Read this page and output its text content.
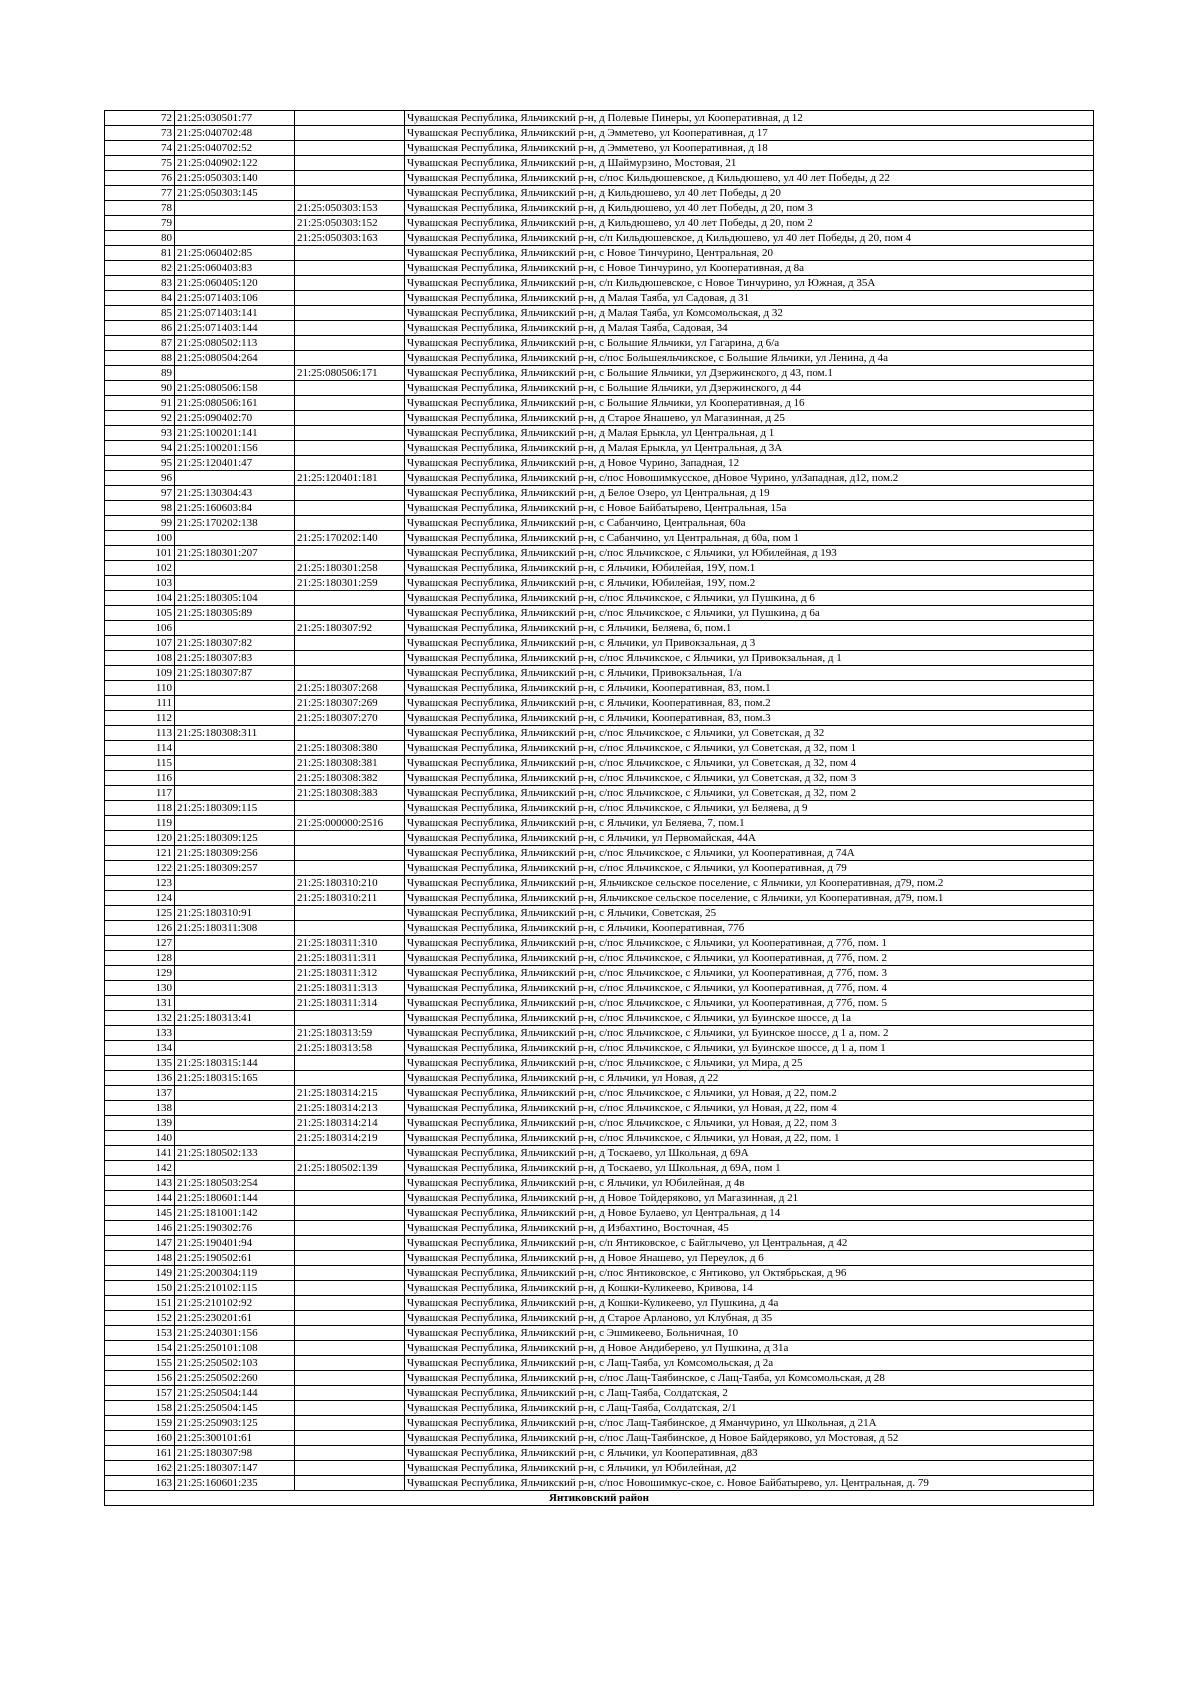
72	21:25:030501:77		Чувашская Республика, Яльчикский р-н, д Полевые Пинеры, ул Кооперативная, д 12
73	21:25:040702:48		Чувашская Республика, Яльчикский р-н, д Эмметево, ул Кооперативная, д 17
74	21:25:040702:52		Чувашская Республика, Яльчикский р-н, д Эмметево, ул Кооперативная, д 18
75	21:25:040902:122		Чувашская Республика, Яльчикский р-н, д Шаймурзино, Мостовая, 21
76	21:25:050303:140		Чувашская Республика, Яльчикский р-н, с/пос Кильдюшевское, д Кильдюшево, ул 40 лет Победы, д 22
77	21:25:050303:145		Чувашская Республика, Яльчикский р-н, д Кильдюшево, ул 40 лет Победы, д 20
78		21:25:050303:153	Чувашская Республика, Яльчикский р-н, д Кильдюшево, ул 40 лет Победы, д 20, пом 3
79		21:25:050303:152	Чувашская Республика, Яльчикский р-н, д Кильдюшево, ул 40 лет Победы, д 20, пом 2
80		21:25:050303:163	Чувашская Республика, Яльчикский р-н, с/п Кильдюшевское, д Кильдюшево, ул 40 лет Победы, д 20, пом 4
81	21:25:060402:85		Чувашская Республика, Яльчикский р-н, с Новое Тинчурино, Центральная, 20
82	21:25:060403:83		Чувашская Республика, Яльчикский р-н, с Новое Тинчурино, ул Кооперативная, д 8а
83	21:25:060405:120		Чувашская Республика, Яльчикский р-н, с/п Кильдюшевское, с Новое Тинчурино, ул Южная, д 35А
84	21:25:071403:106		Чувашская Республика, Яльчикский р-н, д Малая Таяба, ул Садовая, д 31
85	21:25:071403:141		Чувашская Республика, Яльчикский р-н, д Малая Таяба, ул Комсомольская, д 32
86	21:25:071403:144		Чувашская Республика, Яльчикский р-н, д Малая Таяба, Садовая, 34
87	21:25:080502:113		Чувашская Республика, Яльчикский р-н, с Большие Яльчики, ул Гагарина, д 6/а
88	21:25:080504:264		Чувашская Республика, Яльчикский р-н, с/пос Большеяльчикское, с Большие Яльчики, ул Ленина, д 4а
89		21:25:080506:171	Чувашская Республика, Яльчикский р-н, с Большие Яльчики, ул Дзержинского, д 43, пом.1
90	21:25:080506:158		Чувашская Республика, Яльчикский р-н, с Большие Яльчики, ул Дзержинского, д 44
91	21:25:080506:161		Чувашская Республика, Яльчикский р-н, с Большие Яльчики, ул Кооперативная, д 16
92	21:25:090402:70		Чувашская Республика, Яльчикский р-н, д Старое Янашево, ул Магазинная, д 25
93	21:25:100201:141		Чувашская Республика, Яльчикский р-н, д Малая Ерыкла, ул Центральная, д 1
94	21:25:100201:156		Чувашская Республика, Яльчикский р-н, д Малая Ерыкла, ул Центральная, д 3А
95	21:25:120401:47		Чувашская Республика, Яльчикский р-н, д Новое Чурино, Западная, 12
96		21:25:120401:181	Чувашская Республика, Яльчикский р-н, с/пос Новошимкусское, дНовое Чурино, улЗападная, д12, пом.2
97	21:25:130304:43		Чувашская Республика, Яльчикский р-н, д Белое Озеро, ул Центральная, д 19
98	21:25:160603:84		Чувашская Республика, Яльчикский р-н, с Новое Байбатырево, Центральная, 15а
99	21:25:170202:138		Чувашская Республика, Яльчикский р-н, с Сабанчино, Центральная, 60а
100		21:25:170202:140	Чувашская Республика, Яльчикский р-н, с Сабанчино, ул Центральная, д 60а, пом 1
101	21:25:180301:207		Чувашская Республика, Яльчикский р-н, с/пос Яльчикское, с Яльчики, ул Юбилейная, д 193
102		21:25:180301:258	Чувашская Республика, Яльчикский р-н, с Яльчики, Юбилейая, 19У, пом.1
103		21:25:180301:259	Чувашская Республика, Яльчикский р-н, с Яльчики, Юбилейая, 19У, пом.2
104	21:25:180305:104		Чувашская Республика, Яльчикский р-н, с/пос Яльчикское, с Яльчики, ул Пушкина, д 6
105	21:25:180305:89		Чувашская Республика, Яльчикский р-н, с/пос Яльчикское, с Яльчики, ул Пушкина, д 6а
106		21:25:180307:92	Чувашская Республика, Яльчикский р-н, с Яльчики, Беляева, 6, пом.1
107	21:25:180307:82		Чувашская Республика, Яльчикский р-н, с Яльчики, ул Привокзальная, д 3
108	21:25:180307:83		Чувашская Республика, Яльчикский р-н, с/пос Яльчикское, с Яльчики, ул Привокзальная, д 1
109	21:25:180307:87		Чувашская Республика, Яльчикский р-н, с Яльчики, Привокзальная, 1/а
110		21:25:180307:268	Чувашская Республика, Яльчикский р-н, с Яльчики, Кооперативная, 83, пом.1
111		21:25:180307:269	Чувашская Республика, Яльчикский р-н, с Яльчики, Кооперативная, 83, пом.2
112		21:25:180307:270	Чувашская Республика, Яльчикский р-н, с Яльчики, Кооперативная, 83, пом.3
113	21:25:180308:311		Чувашская Республика, Яльчикский р-н, с/пос Яльчикское, с Яльчики, ул Советская, д 32
114		21:25:180308:380	Чувашская Республика, Яльчикский р-н, с/пос Яльчикское, с Яльчики, ул Советская, д 32, пом 1
115		21:25:180308:381	Чувашская Республика, Яльчикский р-н, с/пос Яльчикское, с Яльчики, ул Советская, д 32, пом 4
116		21:25:180308:382	Чувашская Республика, Яльчикский р-н, с/пос Яльчикское, с Яльчики, ул Советская, д 32, пом 3
117		21:25:180308:383	Чувашская Республика, Яльчикский р-н, с/пос Яльчикское, с Яльчики, ул Советская, д 32, пом 2
118	21:25:180309:115		Чувашская Республика, Яльчикский р-н, с/пос Яльчикское, с Яльчики, ул Беляева, д 9
119		21:25:000000:2516	Чувашская Республика, Яльчикский р-н, с Яльчики, ул Беляева, 7, пом.1
120	21:25:180309:125		Чувашская Республика, Яльчикский р-н, с Яльчики, ул Первомайская, 44А
121	21:25:180309:256		Чувашская Республика, Яльчикский р-н, с/пос Яльчикское, с Яльчики, ул Кооперативная, д 74А
122	21:25:180309:257		Чувашская Республика, Яльчикский р-н, с/пос Яльчикское, с Яльчики, ул Кооперативная, д 79
123		21:25:180310:210	Чувашская Республика, Яльчикский р-н, Яльчикское сельское поселение, с Яльчики, ул Кооперативная, д79, пом.2
124		21:25:180310:211	Чувашская Республика, Яльчикский р-н, Яльчикское сельское поселение, с Яльчики, ул Кооперативная, д79, пом.1
125	21:25:180310:91		Чувашская Республика, Яльчикский р-н, с Яльчики, Советская, 25
126	21:25:180311:308		Чувашская Республика, Яльчикский р-н, с Яльчики, Кооперативная, 77б
127		21:25:180311:310	Чувашская Республика, Яльчикский р-н, с/пос Яльчикское, с Яльчики, ул Кооперативная, д 77б, пом. 1
128		21:25:180311:311	Чувашская Республика, Яльчикский р-н, с/пос Яльчикское, с Яльчики, ул Кооперативная, д 77б, пом. 2
129		21:25:180311:312	Чувашская Республика, Яльчикский р-н, с/пос Яльчикское, с Яльчики, ул Кооперативная, д 77б, пом. 3
130		21:25:180311:313	Чувашская Республика, Яльчикский р-н, с/пос Яльчикское, с Яльчики, ул Кооперативная, д 77б, пом. 4
131		21:25:180311:314	Чувашская Республика, Яльчикский р-н, с/пос Яльчикское, с Яльчики, ул Кооперативная, д 77б, пом. 5
132	21:25:180313:41		Чувашская Республика, Яльчикский р-н, с/пос Яльчикское, с Яльчики, ул Буинское шоссе, д 1а
133		21:25:180313:59	Чувашская Республика, Яльчикский р-н, с/пос Яльчикское, с Яльчики, ул Буинское шоссе, д 1 а, пом. 2
134		21:25:180313:58	Чувашская Республика, Яльчикский р-н, с/пос Яльчикское, с Яльчики, ул Буинское шоссе, д 1 а, пом 1
135	21:25:180315:144		Чувашская Республика, Яльчикский р-н, с/пос Яльчикское, с Яльчики, ул Мира, д 25
136	21:25:180315:165		Чувашская Республика, Яльчикский р-н, с Яльчики, ул Новая, д 22
137		21:25:180314:215	Чувашская Республика, Яльчикский р-н, с/пос Яльчикское, с Яльчики, ул Новая, д 22, пом.2
138		21:25:180314:213	Чувашская Республика, Яльчикский р-н, с/пос Яльчикское, с Яльчики, ул Новая, д 22, пом 4
139		21:25:180314:214	Чувашская Республика, Яльчикский р-н, с/пос Яльчикское, с Яльчики, ул Новая, д 22, пом 3
140		21:25:180314:219	Чувашская Республика, Яльчикский р-н, с/пос Яльчикское, с Яльчики, ул Новая, д 22, пом. 1
141	21:25:180502:133		Чувашская Республика, Яльчикский р-н, д Тоскаево, ул Школьная, д 69А
142		21:25:180502:139	Чувашская Республика, Яльчикский р-н, д Тоскаево, ул Школьная, д 69А, пом 1
143	21:25:180503:254		Чувашская Республика, Яльчикский р-н, с Яльчики, ул Юбилейная, д 4в
144	21:25:180601:144		Чувашская Республика, Яльчикский р-н, д Новое Тойдеряково, ул Магазинная, д 21
145	21:25:181001:142		Чувашская Республика, Яльчикский р-н, д Новое Булаево, ул Центральная, д 14
146	21:25:190302:76		Чувашская Республика, Яльчикский р-н, д Избахтино, Восточная, 45
147	21:25:190401:94		Чувашская Республика, Яльчикский р-н, с/п Янтиковское, с Байглычево, ул Центральная, д 42
148	21:25:190502:61		Чувашская Республика, Яльчикский р-н, д Новое Янашево, ул Переулок, д 6
149	21:25:200304:119		Чувашская Республика, Яльчикский р-н, с/пос Янтиковское, с Янтиково, ул Октябрьская, д 96
150	21:25:210102:115		Чувашская Республика, Яльчикский р-н, д Кошки-Куликеево, Кривова, 14
151	21:25:210102:92		Чувашская Республика, Яльчикский р-н, д Кошки-Куликеево, ул Пушкина, д 4а
152	21:25:230201:61		Чувашская Республика, Яльчикский р-н, д Старое Арланово, ул Клубная, д 35
153	21:25:240301:156		Чувашская Республика, Яльчикский р-н, с Эшмикеево, Больничная, 10
154	21:25:250101:108		Чувашская Республика, Яльчикский р-н, д Новое Андиберево, ул Пушкина, д 31а
155	21:25:250502:103		Чувашская Республика, Яльчикский р-н, с Лащ-Таяба, ул Комсомольская, д 2а
156	21:25:250502:260		Чувашская Республика, Яльчикский р-н, с/пос Лащ-Таябинское, с Лащ-Таяба, ул Комсомольская, д 28
157	21:25:250504:144		Чувашская Республика, Яльчикский р-н, с Лащ-Таяба, Солдатская, 2
158	21:25:250504:145		Чувашская Республика, Яльчикский р-н, с Лащ-Таяба, Солдатская, 2/1
159	21:25:250903:125		Чувашская Республика, Яльчикский р-н, с/пос Лащ-Таябинское, д Яманчурино, ул Школьная, д 21А
160	21:25:300101:61		Чувашская Республика, Яльчикский р-н, с/пос Лащ-Таябинское, д Новое Байдеряково, ул Мостовая, д 52
161	21:25:180307:98		Чувашская Республика, Яльчикский р-н, с Яльчики, ул Кооперативная, д83
162	21:25:180307:147		Чувашская Республика, Яльчикский р-н, с Яльчики, ул Юбилейная, д2
163	21:25:160601:235		Чувашская Республика, Яльчикский р-н, с/пос Новошимкус-ское, с. Новое Байбатырево, ул. Центральная, д. 79
Янтиковский район			
